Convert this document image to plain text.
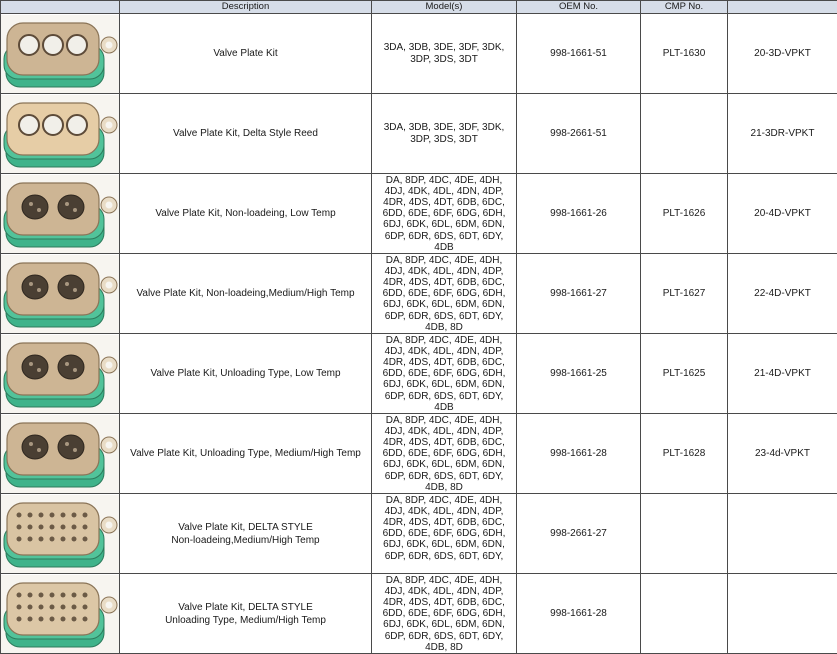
	Description	Model(s)	OEM No.	CMP No.	

	Valve Plate Kit	3DA, 3DB, 3DE, 3DF, 3DK, 3DP, 3DS, 3DT	998-1661-51	PLT-1630	20-3D-VPKT

	Valve Plate Kit, Delta Style Reed	3DA, 3DB, 3DE, 3DF, 3DK, 3DP, 3DS, 3DT	998-2661-51		21-3DR-VPKT

	Valve Plate Kit, Non-loadeing, Low Temp	DA, 8DP, 4DC, 4DE, 4DH, 4DJ, 4DK, 4DL, 4DN, 4DP, 4DR, 4DS, 4DT, 6DB, 6DC, 6DD, 6DE, 6DF, 6DG, 6DH, 6DJ, 6DK, 6DL, 6DM, 6DN, 6DP, 6DR, 6DS, 6DT, 6DY, 4DB	998-1661-26	PLT-1626	20-4D-VPKT

	Valve Plate Kit, Non-loadeing,Medium/High Temp	DA, 8DP, 4DC, 4DE, 4DH, 4DJ, 4DK, 4DL, 4DN, 4DP, 4DR, 4DS, 4DT, 6DB, 6DC, 6DD, 6DE, 6DF, 6DG, 6DH, 6DJ, 6DK, 6DL, 6DM, 6DN, 6DP, 6DR, 6DS, 6DT, 6DY, 4DB, 8D	998-1661-27	PLT-1627	22-4D-VPKT

	Valve Plate Kit, Unloading Type, Low Temp	DA, 8DP, 4DC, 4DE, 4DH, 4DJ, 4DK, 4DL, 4DN, 4DP, 4DR, 4DS, 4DT, 6DB, 6DC, 6DD, 6DE, 6DF, 6DG, 6DH, 6DJ, 6DK, 6DL, 6DM, 6DN, 6DP, 6DR, 6DS, 6DT, 6DY, 4DB	998-1661-25	PLT-1625	21-4D-VPKT

	Valve Plate Kit, Unloading Type, Medium/High Temp	DA, 8DP, 4DC, 4DE, 4DH, 4DJ, 4DK, 4DL, 4DN, 4DP, 4DR, 4DS, 4DT, 6DB, 6DC, 6DD, 6DE, 6DF, 6DG, 6DH, 6DJ, 6DK, 6DL, 6DM, 6DN, 6DP, 6DR, 6DS, 6DT, 6DY, 4DB, 8D	998-1661-28	PLT-1628	23-4d-VPKT

	Valve Plate Kit, DELTA STYLE
Non-loadeing,Medium/High Temp	DA, 8DP, 4DC, 4DE, 4DH, 4DJ, 4DK, 4DL, 4DN, 4DP, 4DR, 4DS, 4DT, 6DB, 6DC, 6DD, 6DE, 6DF, 6DG, 6DH, 6DJ, 6DK, 6DL, 6DM, 6DN, 6DP, 6DR, 6DS, 6DT, 6DY,	998-2661-27		

	Valve Plate Kit, DELTA STYLE
Unloading Type, Medium/High Temp	DA, 8DP, 4DC, 4DE, 4DH, 4DJ, 4DK, 4DL, 4DN, 4DP, 4DR, 4DS, 4DT, 6DB, 6DC, 6DD, 6DE, 6DF, 6DG, 6DH, 6DJ, 6DK, 6DL, 6DM, 6DN, 6DP, 6DR, 6DS, 6DT, 6DY, 4DB, 8D	998-1661-28		
